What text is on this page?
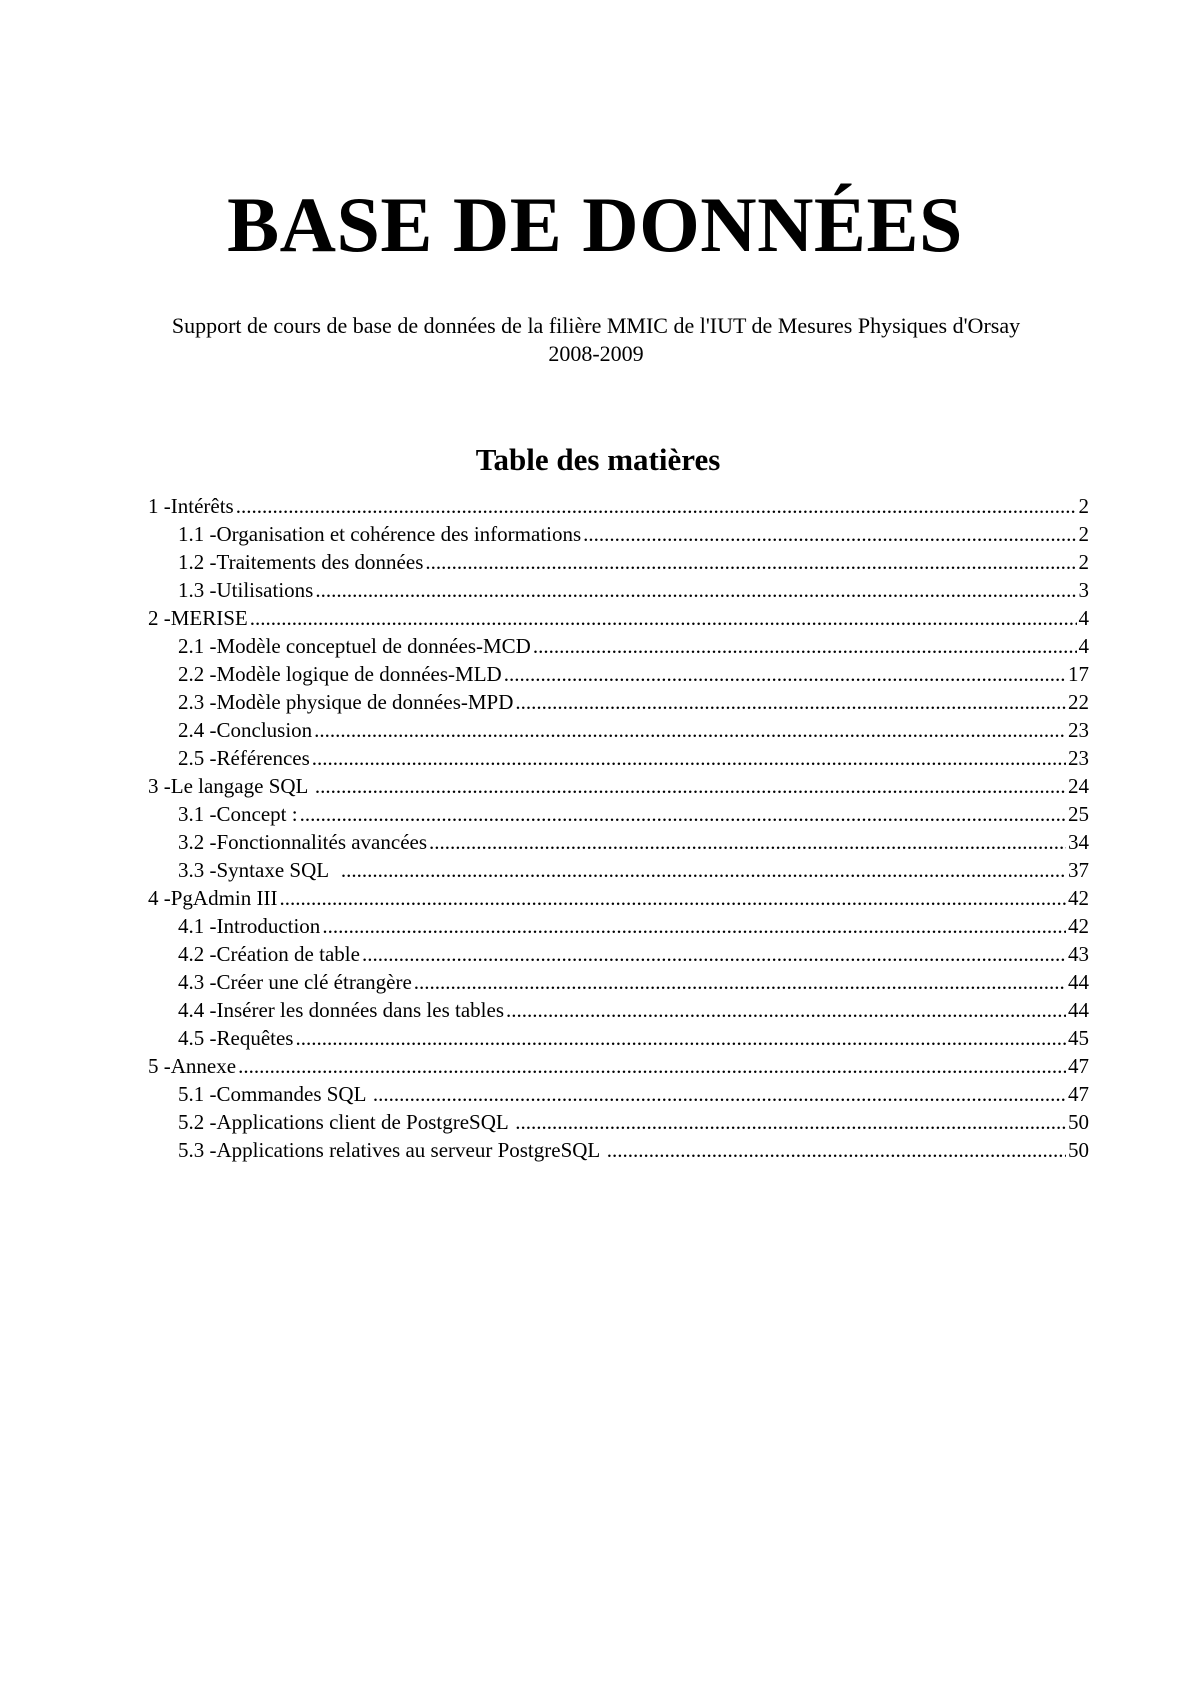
BASE DE DONNÉES
Support de cours de base de données de la filière MMIC de l'IUT de Mesures Physiques d'Orsay
2008-2009
Table des matières
1 - Intérêts .....	2
1.1 - Organisation et cohérence des informations .....	2
1.2 - Traitements des données .....	2
1.3 - Utilisations .....	3
2 - MERISE .....	4
2.1 - Modèle conceptuel de données-MCD .....	4
2.2 - Modèle logique de données-MLD .....	17
2.3 - Modèle physique de données-MPD .....	22
2.4 - Conclusion .....	23
2.5 - Références .....	23
3 - Le langage SQL .....	24
3.1 - Concept : .....	25
3.2 - Fonctionnalités avancées .....	34
3.3 - Syntaxe SQL .....	37
4 - PgAdmin III .....	42
4.1 - Introduction .....	42
4.2 - Création de table .....	43
4.3 - Créer une clé étrangère .....	44
4.4 - Insérer les données dans les tables .....	44
4.5 - Requêtes .....	45
5 - Annexe .....	47
5.1 - Commandes SQL .....	47
5.2 - Applications client de PostgreSQL .....	50
5.3 - Applications relatives au serveur PostgreSQL .....	50
